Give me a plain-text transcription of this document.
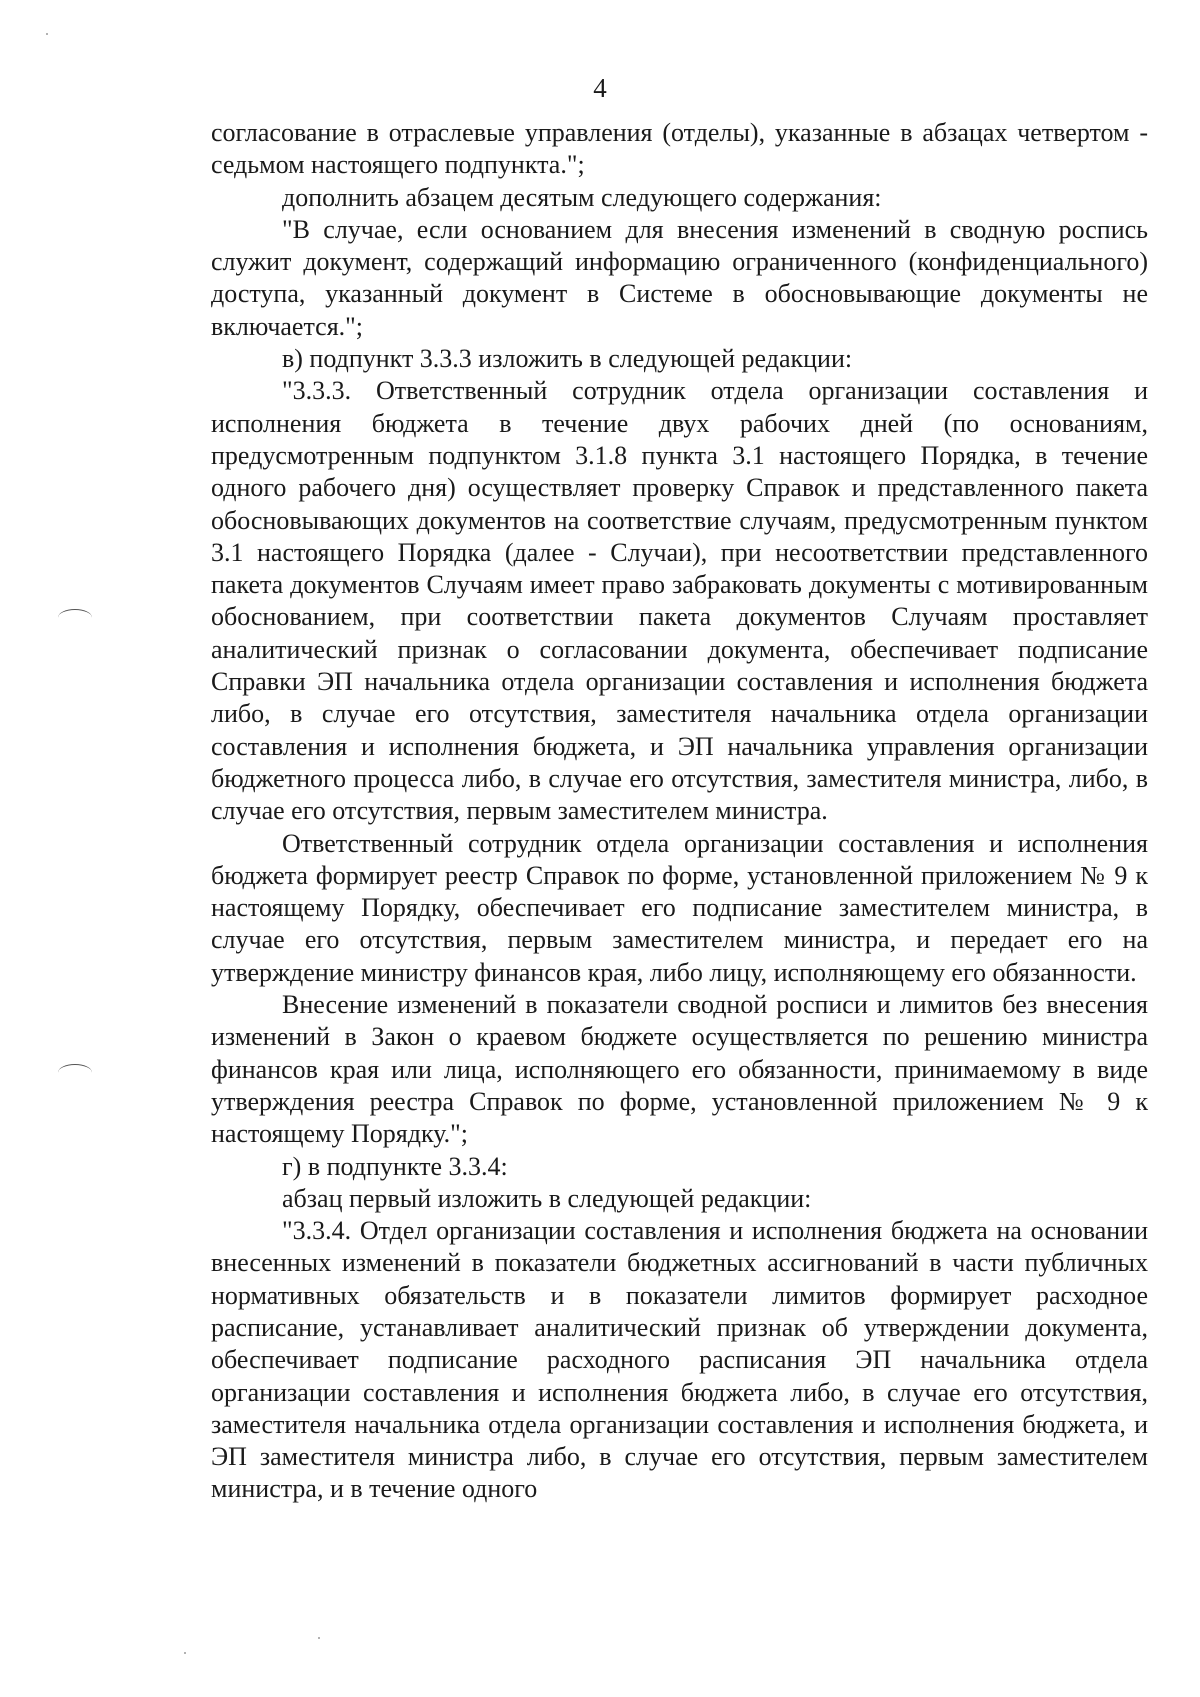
4

согласование в отраслевые управления (отделы), указанные в абзацах четвертом - седьмом настоящего подпункта.";

дополнить абзацем десятым следующего содержания:

"В случае, если основанием для внесения изменений в сводную роспись служит документ, содержащий информацию ограниченного (конфиденциального) доступа, указанный документ в Системе в обосновывающие документы не включается.";

в) подпункт 3.3.3 изложить в следующей редакции:

"3.3.3. Ответственный сотрудник отдела организации составления и исполнения бюджета в течение двух рабочих дней (по основаниям, предусмотренным подпунктом 3.1.8 пункта 3.1 настоящего Порядка, в течение одного рабочего дня) осуществляет проверку Справок и представленного пакета обосновывающих документов на соответствие случаям, предусмотренным пунктом 3.1 настоящего Порядка (далее - Случаи), при несоответствии представленного пакета документов Случаям имеет право забраковать документы с мотивированным обоснованием, при соответствии пакета документов Случаям проставляет аналитический признак о согласовании документа, обеспечивает подписание Справки ЭП начальника отдела организации составления и исполнения бюджета либо, в случае его отсутствия, заместителя начальника отдела организации составления и исполнения бюджета, и ЭП начальника управления организации бюджетного процесса либо, в случае его отсутствия, заместителя министра, либо, в случае его отсутствия, первым заместителем министра.

Ответственный сотрудник отдела организации составления и исполнения бюджета формирует реестр Справок по форме, установленной приложением № 9 к настоящему Порядку, обеспечивает его подписание заместителем министра, в случае его отсутствия, первым заместителем министра, и передает его на утверждение министру финансов края, либо лицу, исполняющему его обязанности.

Внесение изменений в показатели сводной росписи и лимитов без внесения изменений в Закон о краевом бюджете осуществляется по решению министра финансов края или лица, исполняющего его обязанности, принимаемому в виде утверждения реестра Справок по форме, установленной приложением № 9 к настоящему Порядку.";

г) в подпункте 3.3.4:

абзац первый изложить в следующей редакции:

"3.3.4. Отдел организации составления и исполнения бюджета на основании внесенных изменений в показатели бюджетных ассигнований в части публичных нормативных обязательств и в показатели лимитов формирует расходное расписание, устанавливает аналитический признак об утверждении документа, обеспечивает подписание расходного расписания ЭП начальника отдела организации составления и исполнения бюджета либо, в случае его отсутствия, заместителя начальника отдела организации составления и исполнения бюджета, и ЭП заместителя министра либо, в случае его отсутствия, первым заместителем министра, и в течение одного
